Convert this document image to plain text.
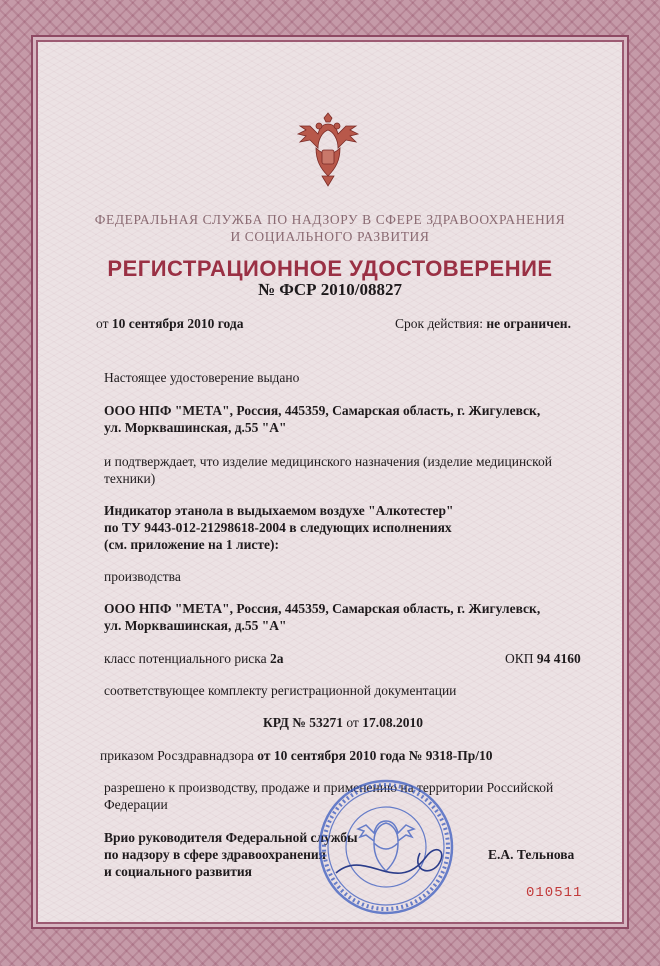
ФЕДЕРАЛЬНАЯ СЛУЖБА ПО НАДЗОРУ В СФЕРЕ ЗДРАВООХРАНЕНИЯ
И СОЦИАЛЬНОГО РАЗВИТИЯ
РЕГИСТРАЦИОННОЕ УДОСТОВЕРЕНИЕ
№ ФСР 2010/08827
от 10 сентября 2010 года	Срок действия: не ограничен.
Настоящее удостоверение выдано
ООО НПФ "МЕТА", Россия, 445359, Самарская область, г. Жигулевск,
ул. Морквашинская, д.55 "А"
и подтверждает, что изделие медицинского назначения (изделие медицинской
техники)
Индикатор этанола в выдыхаемом воздухе "Алкотестер"
по ТУ 9443-012-21298618-2004 в следующих исполнениях
(см. приложение на 1 листе):
производства
ООО НПФ "МЕТА", Россия, 445359, Самарская область, г. Жигулевск,
ул. Морквашинская, д.55 "А"
класс потенциального риска 2а	ОКП 94 4160
соответствующее комплекту регистрационной документации
КРД № 53271 от 17.08.2010
приказом Росздравнадзора от 10 сентября 2010 года № 9318-Пр/10
разрешено к производству, продаже и применению на территории Российской
Федерации
Врио руководителя Федеральной службы
по надзору в сфере здравоохранения
и социального развития
Е.А. Тельнова
010511
